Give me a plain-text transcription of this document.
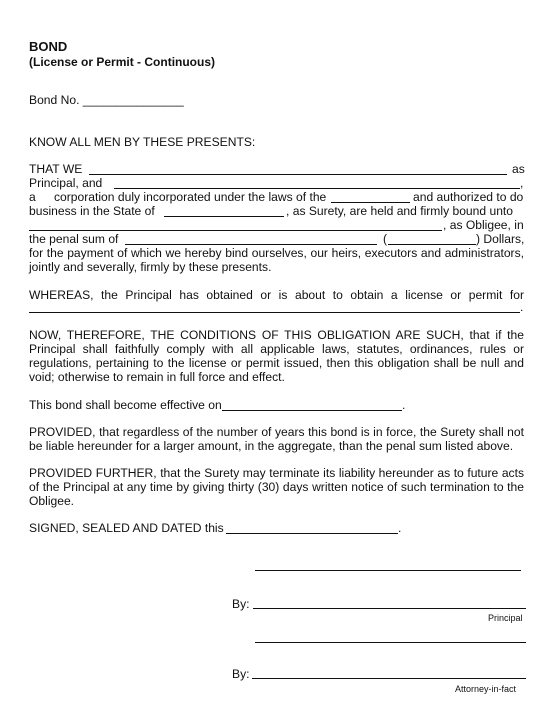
BOND
(License or Permit - Continuous)
Bond No. _______________
KNOW ALL MEN BY THESE PRESENTS:
THAT WE	as
Principal, and	,
a corporation duly incorporated under the laws of the	and authorized to do
business in the State of	, as Surety, are held and firmly bound unto
, as Obligee, in
the penal sum of	(	) Dollars,
for the payment of which we hereby bind ourselves, our heirs, executors and administrators,
jointly and severally, firmly by these presents.
WHEREAS, the Principal has obtained or is about to obtain a license or permit for
.
NOW, THEREFORE, THE CONDITIONS OF THIS OBLIGATION ARE SUCH, that if the
Principal shall faithfully comply with all applicable laws, statutes, ordinances, rules or
regulations, pertaining to the license or permit issued, then this obligation shall be null and
void; otherwise to remain in full force and effect.
This bond shall become effective on	.
PROVIDED, that regardless of the number of years this bond is in force, the Surety shall not
be liable hereunder for a larger amount, in the aggregate, than the penal sum listed above.
PROVIDED FURTHER, that the Surety may terminate its liability hereunder as to future acts
of the Principal at any time by giving thirty (30) days written notice of such termination to the
Obligee.
SIGNED, SEALED AND DATED this	.
By:
Principal
By:
Attorney-in-fact
